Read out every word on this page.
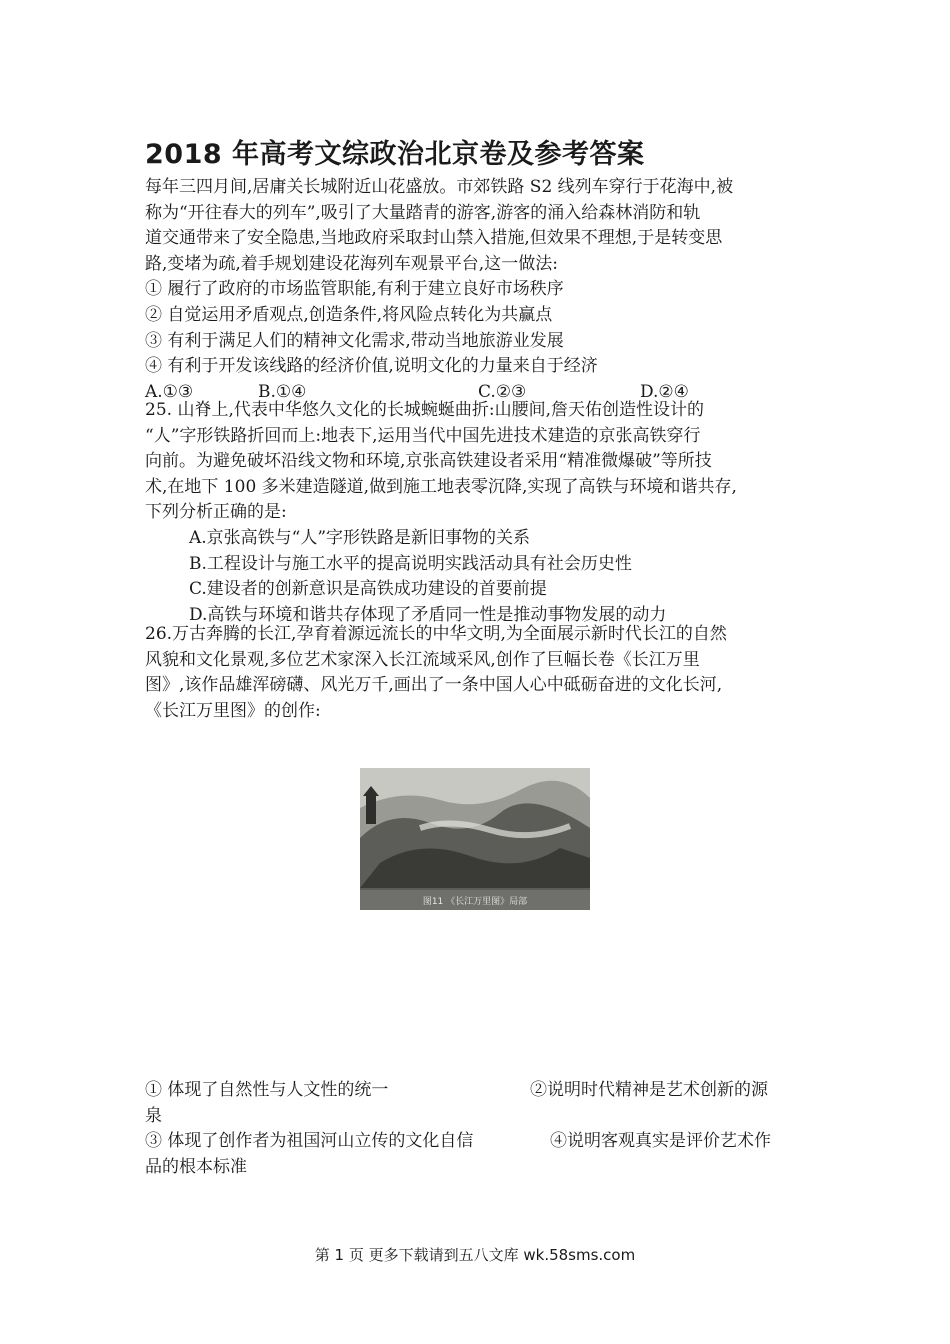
2018 年高考文综政治北京卷及参考答案
每年三四月间,居庸关长城附近山花盛放。市郊铁路 S2 线列车穿行于花海中,被
称为“开往春大的列车”,吸引了大量踏青的游客,游客的涌入给森林消防和轨
道交通带来了安全隐患,当地政府采取封山禁入措施,但效果不理想,于是转变思
路,变堵为疏,着手规划建设花海列车观景平台,这一做法:
① 履行了政府的市场监管职能,有利于建立良好市场秩序
② 自觉运用矛盾观点,创造条件,将风险点转化为共赢点
③ 有利于满足人们的精神文化需求,带动当地旅游业发展
④ 有利于开发该线路的经济价值,说明文化的力量来自于经济
A.①③	B.①④	C.②③	D.②④
25. 山脊上,代表中华悠久文化的长城蜿蜒曲折:山腰间,詹天佑创造性设计的
“人”字形铁路折回而上:地表下,运用当代中国先进技术建造的京张高铁穿行
向前。为避免破坏沿线文物和环境,京张高铁建设者采用“精准微爆破”等所技
术,在地下 100 多米建造隧道,做到施工地表零沉降,实现了高铁与环境和谐共存,
下列分析正确的是:
A.京张高铁与“人”字形铁路是新旧事物的关系
B.工程设计与施工水平的提高说明实践活动具有社会历史性
C.建设者的创新意识是高铁成功建设的首要前提
D.高铁与环境和谐共存体现了矛盾同一性是推动事物发展的动力
26.万古奔腾的长江,孕育着源远流长的中华文明,为全面展示新时代长江的自然
风貌和文化景观,多位艺术家深入长江流域采风,创作了巨幅长卷《长江万里
图》,该作品雄浑磅礴、风光万千,画出了一条中国人心中砥砺奋进的文化长河,
《长江万里图》的创作:
图11 《长江万里图》局部
① 体现了自然性与人文性的统一	②说明时代精神是艺术创新的源
泉
③ 体现了创作者为祖国河山立传的文化自信	④说明客观真实是评价艺术作
品的根本标准
第 1 页 更多下载请到五八文库 wk.58sms.com
